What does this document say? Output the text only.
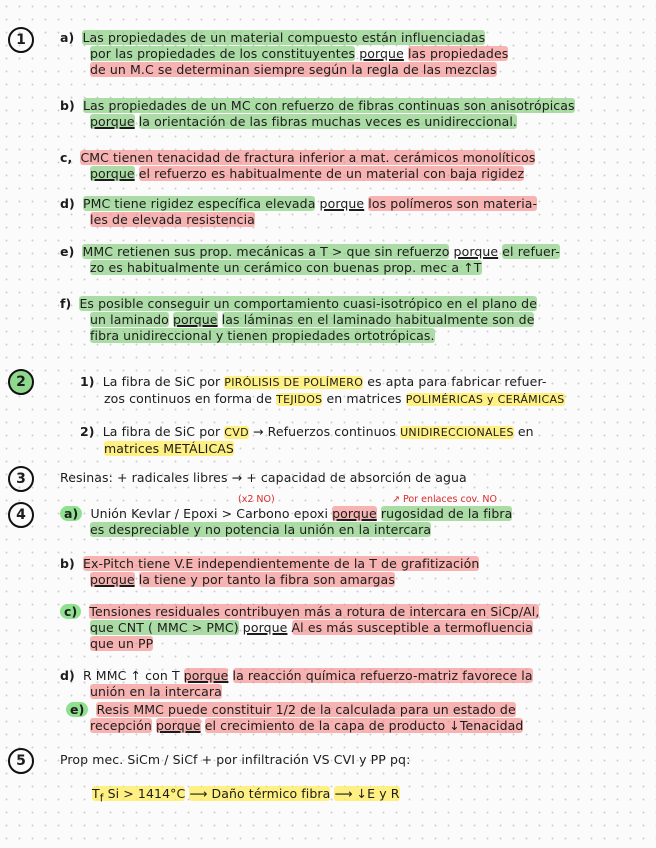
1
2
3
4
5
a) Las propiedades de un material compuesto están influenciadas
por las propiedades de los constituyentes porque las propiedades
de un M.C se determinan siempre según la regla de las mezclas
b) Las propiedades de un MC con refuerzo de fibras continuas son anisotrópicas
porque la orientación de las fibras muchas veces es unidireccional.
c, CMC tienen tenacidad de fractura inferior a mat. cerámicos monolíticos
porque el refuerzo es habitualmente de un material con baja rigidez
d) PMC tiene rigidez específica elevada porque los polímeros son materia-
les de elevada resistencia
e) MMC retienen sus prop. mecánicas a T > que sin refuerzo porque el refuer-
zo es habitualmente un cerámico con buenas prop. mec a ↑T
f) Es posible conseguir un comportamiento cuasi-isotrópico en el plano de
un laminado porque las láminas en el laminado habitualmente son de
fibra unidireccional y tienen propiedades ortotrópicas.
1) La fibra de SiC por PIRÓLISIS DE POLÍMERO es apta para fabricar refuer-
zos continuos en forma de TEJIDOS en matrices POLIMÉRICAS y CERÁMICAS
2) La fibra de SiC por CVD → Refuerzos continuos UNIDIRECCIONALES en
matrices METÁLICAS
Resinas: + radicales libres → + capacidad de absorción de agua
(x2 NO)	↗ Por enlaces cov. NO
a) Unión Kevlar / Epoxi > Carbono epoxi porque rugosidad de la fibra
es despreciable y no potencia la unión en la intercara
b) Ex-Pitch tiene V.E independientemente de la T de grafitización
porque la tiene y por tanto la fibra son amargas
c) Tensiones residuales contribuyen más a rotura de intercara en SiCp/Al,
que CNT ( MMC > PMC) porque Al es más susceptible a termofluencia
que un PP
d) R MMC ↑ con T porque la reacción química refuerzo-matriz favorece la
unión en la intercara
e) Resis MMC puede constituir 1/2 de la calculada para un estado de
recepción porque el crecimiento de la capa de producto ↓Tenacidad
Prop mec. SiCm / SiCf + por infiltración VS CVI y PP pq:
$T_f$ Si > 1414°C ⟶ Daño térmico fibra ⟶ ↓E y R
